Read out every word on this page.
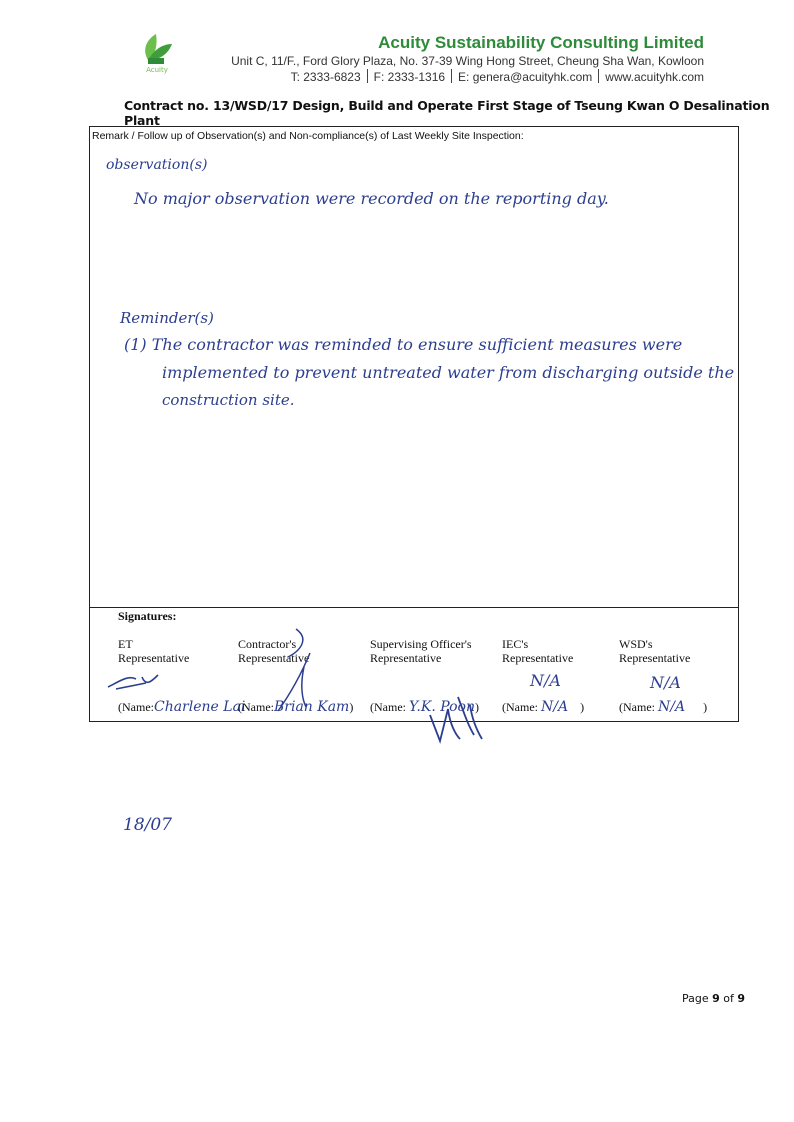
Acuity
Acuity Sustainability Consulting Limited
Unit C, 11/F., Ford Glory Plaza, No. 37-39 Wing Hong Street, Cheung Sha Wan, Kowloon
T: 2333-6823 F: 2333-1316 E: genera@acuityhk.com www.acuityhk.com
Contract no. 13/WSD/17 Design, Build and Operate First Stage of Tseung Kwan O Desalination Plant
Remark / Follow up of Observation(s) and Non-compliance(s) of Last Weekly Site Inspection:
observation(s)
No major observation were recorded on the reporting day.
Reminder(s)
(1) The contractor was reminded to ensure sufficient measures were
implemented to prevent untreated water from discharging outside the
construction site.
Signatures:
ET
Representative
(Name:Charlene Lai
Contractor's
Representative
(Name:Brian Kam)
Supervising Officer's
Representative
(Name: Y.K. Poon)
IEC's
Representative
N/A
(Name: N/A )
WSD's
Representative
N/A
(Name: N/A )
18/07
Page 9 of 9
